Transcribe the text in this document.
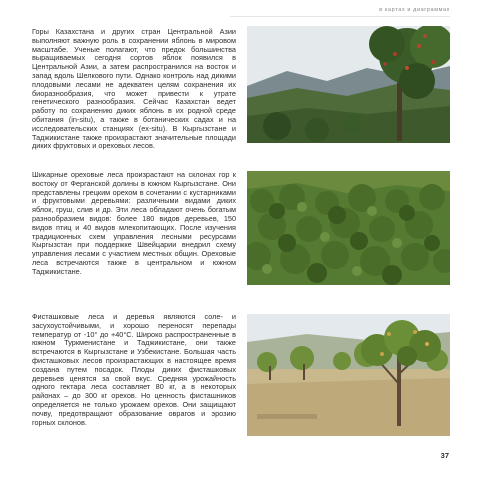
в картах и диаграммах
Горы Казахстана и других стран Центральной Азии выполняют важную роль в сохранении яблонь в мировом масштабе. Ученые полагают, что предок большинства выращиваемых сегодня сортов яблок появился в Центральной Азии, а затем распространился на восток и запад вдоль Шелкового пути. Однако контроль над дикими плодовыми лесами не адекватен целям сохранения их биоразнообразия, что может привести к утрате генетического разнообразия. Сейчас Казахстан ведет работу по сохранению диких яблонь в их родной среде обитания (in-situ), а также в ботанических садах и на исследовательских станциях (ex-situ). В Кыргызстане и Таджикистане также произрастают значительные площади диких фруктовых и ореховых лесов.
Шикарные ореховые леса произрастают на склонах гор к востоку от Ферганской долины в южном Кыргызстане. Они представлены грецким орехом в сочетании с кустарниками и фруктовыми деревьями: различными видами диких яблок, груш, слив и др. Эти леса обладают очень богатым разнообразием видов: более 180 видов деревьев, 150 видов птиц и 40 видов млекопитающих. После изучения традиционных схем управления лесными ресурсами Кыргызстан при поддержке Швейцарии внедрил схему управления лесами с участием местных общин. Ореховые леса встречаются также в центральном и южном Таджикистане.
Фисташковые леса и деревья являются соле- и засухоустойчивыми, и хорошо переносят перепады температур от -10° до +40°С. Широко распространенные в южном Туркменистане и Таджикистане, они также встречаются в Кыргызстане и Узбекистане. Большая часть фисташковых лесов произрастающих в настоящее время создана путем посадок. Плоды диких фисташковых деревьев ценятся за свой вкус. Средняя урожайность одного гектара леса составляет 80 кг, а в некоторых районах – до 300 кг орехов. Но ценность фисташников определяется не только урожаем орехов. Они защищают почву, предотвращают образование оврагов и эрозию горных склонов.
37
